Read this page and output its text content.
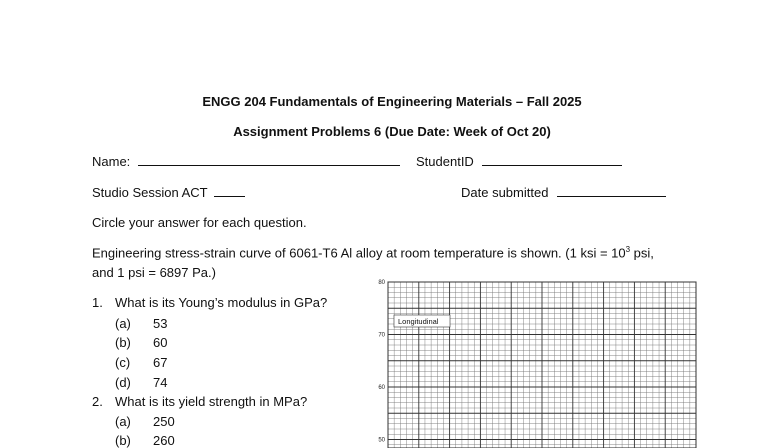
ENGG 204 Fundamentals of Engineering Materials – Fall 2025
Assignment Problems 6 (Due Date: Week of Oct 20)
Name:	StudentID
Studio Session ACT	Date submitted
Circle your answer for each question.
Engineering stress-strain curve of 6061-T6 Al alloy at room temperature is shown. (1 ksi = $10^3$ psi,
and 1 psi = 6897 Pa.)
1. What is its Young’s modulus in GPa?
(a) 53
(b) 60
(c) 67
(d) 74
2. What is its yield strength in MPa?
(a) 250
(b) 260
80
70
60
50
Longitudinal
